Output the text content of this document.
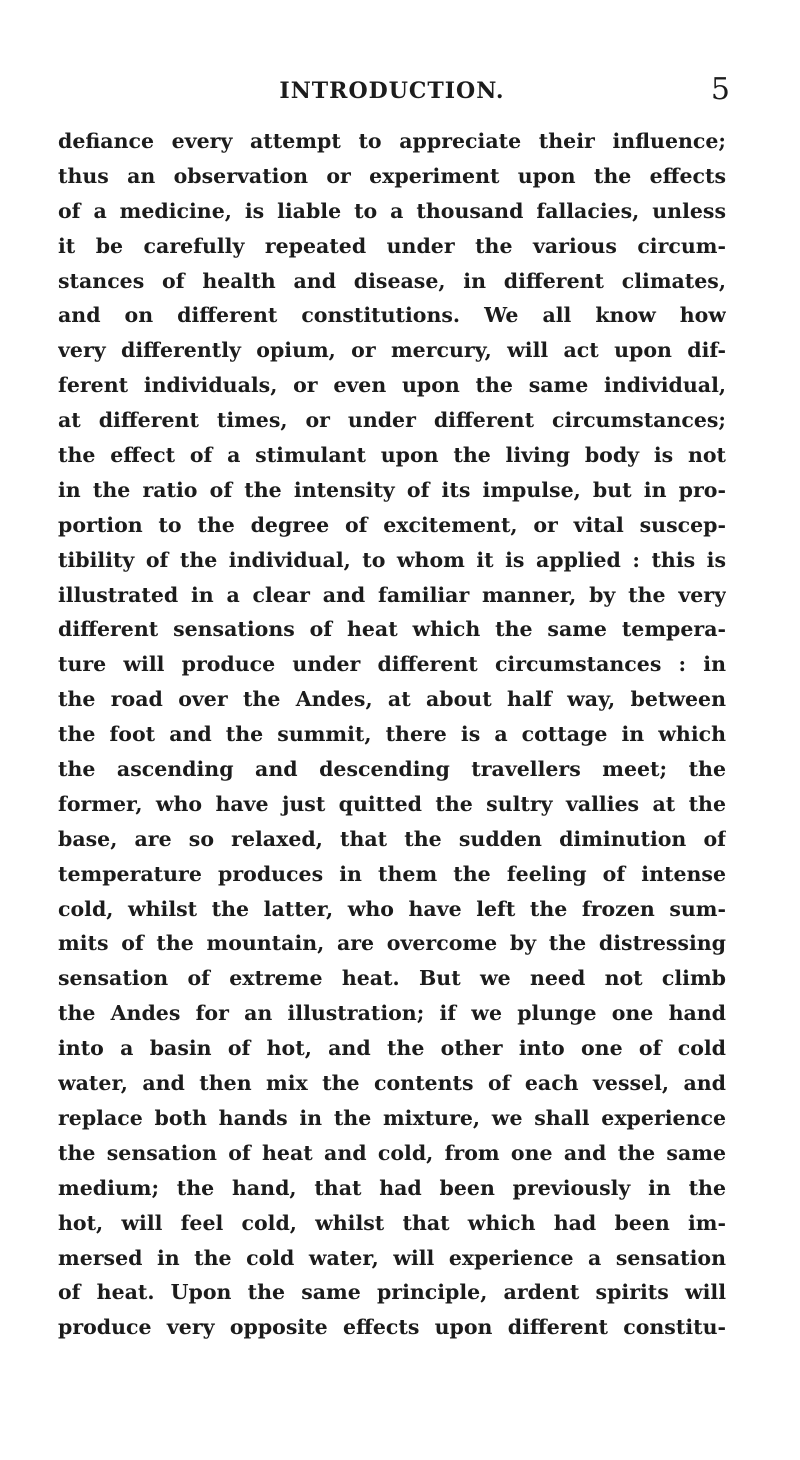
INTRODUCTION.	5
defiance every attempt to appreciate their influence;
thus an observation or experiment upon the effects
of a medicine, is liable to a thousand fallacies, unless
it be carefully repeated under the various circum-
stances of health and disease, in different climates,
and on different constitutions. We all know how
very differently opium, or mercury, will act upon dif-
ferent individuals, or even upon the same individual,
at different times, or under different circumstances;
the effect of a stimulant upon the living body is not
in the ratio of the intensity of its impulse, but in pro-
portion to the degree of excitement, or vital suscep-
tibility of the individual, to whom it is applied : this is
illustrated in a clear and familiar manner, by the very
different sensations of heat which the same tempera-
ture will produce under different circumstances : in
the road over the Andes, at about half way, between
the foot and the summit, there is a cottage in which
the ascending and descending travellers meet; the
former, who have just quitted the sultry vallies at the
base, are so relaxed, that the sudden diminution of
temperature produces in them the feeling of intense
cold, whilst the latter, who have left the frozen sum-
mits of the mountain, are overcome by the distressing
sensation of extreme heat. But we need not climb
the Andes for an illustration; if we plunge one hand
into a basin of hot, and the other into one of cold
water, and then mix the contents of each vessel, and
replace both hands in the mixture, we shall experience
the sensation of heat and cold, from one and the same
medium; the hand, that had been previously in the
hot, will feel cold, whilst that which had been im-
mersed in the cold water, will experience a sensation
of heat. Upon the same principle, ardent spirits will
produce very opposite effects upon different constitu-
